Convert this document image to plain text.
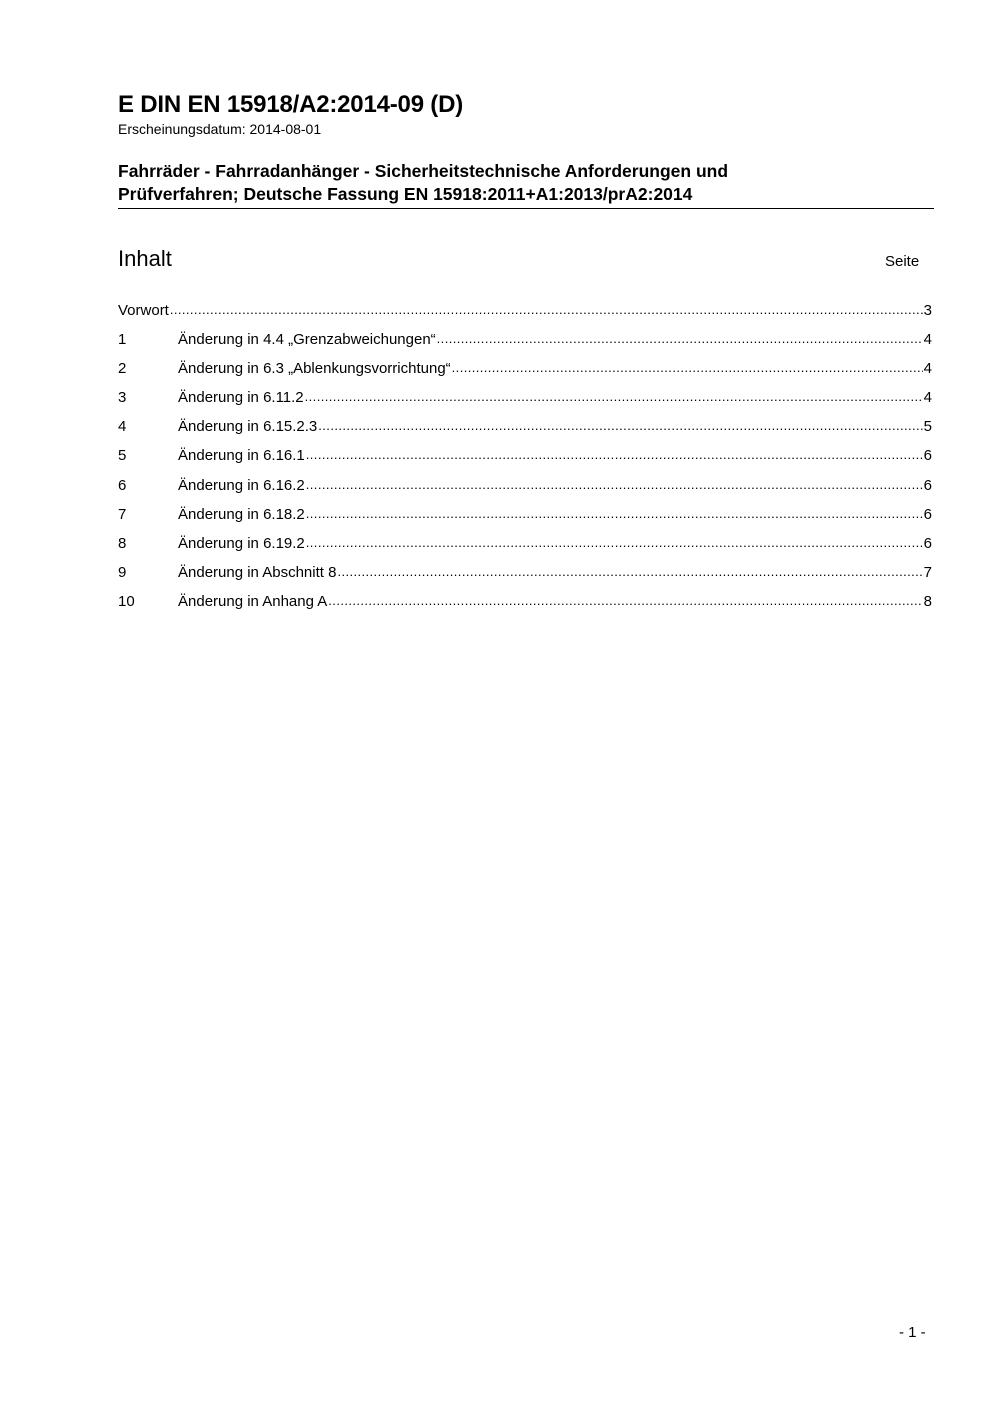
E DIN EN 15918/A2:2014-09 (D)
Erscheinungsdatum: 2014-08-01
Fahrräder - Fahrradanhänger - Sicherheitstechnische Anforderungen und
Prüfverfahren; Deutsche Fassung EN 15918:2011+A1:2013/prA2:2014
Inhalt	Seite
Vorwort .....	3
1	Änderung in 4.4 „Grenzabweichungen“ .....	4
2	Änderung in 6.3 „Ablenkungsvorrichtung“ .....	4
3	Änderung in 6.11.2 .....	4
4	Änderung in 6.15.2.3 .....	5
5	Änderung in 6.16.1 .....	6
6	Änderung in 6.16.2 .....	6
7	Änderung in 6.18.2 .....	6
8	Änderung in 6.19.2 .....	6
9	Änderung in Abschnitt 8 .....	7
10	Änderung in Anhang A .....	8
- 1 -
